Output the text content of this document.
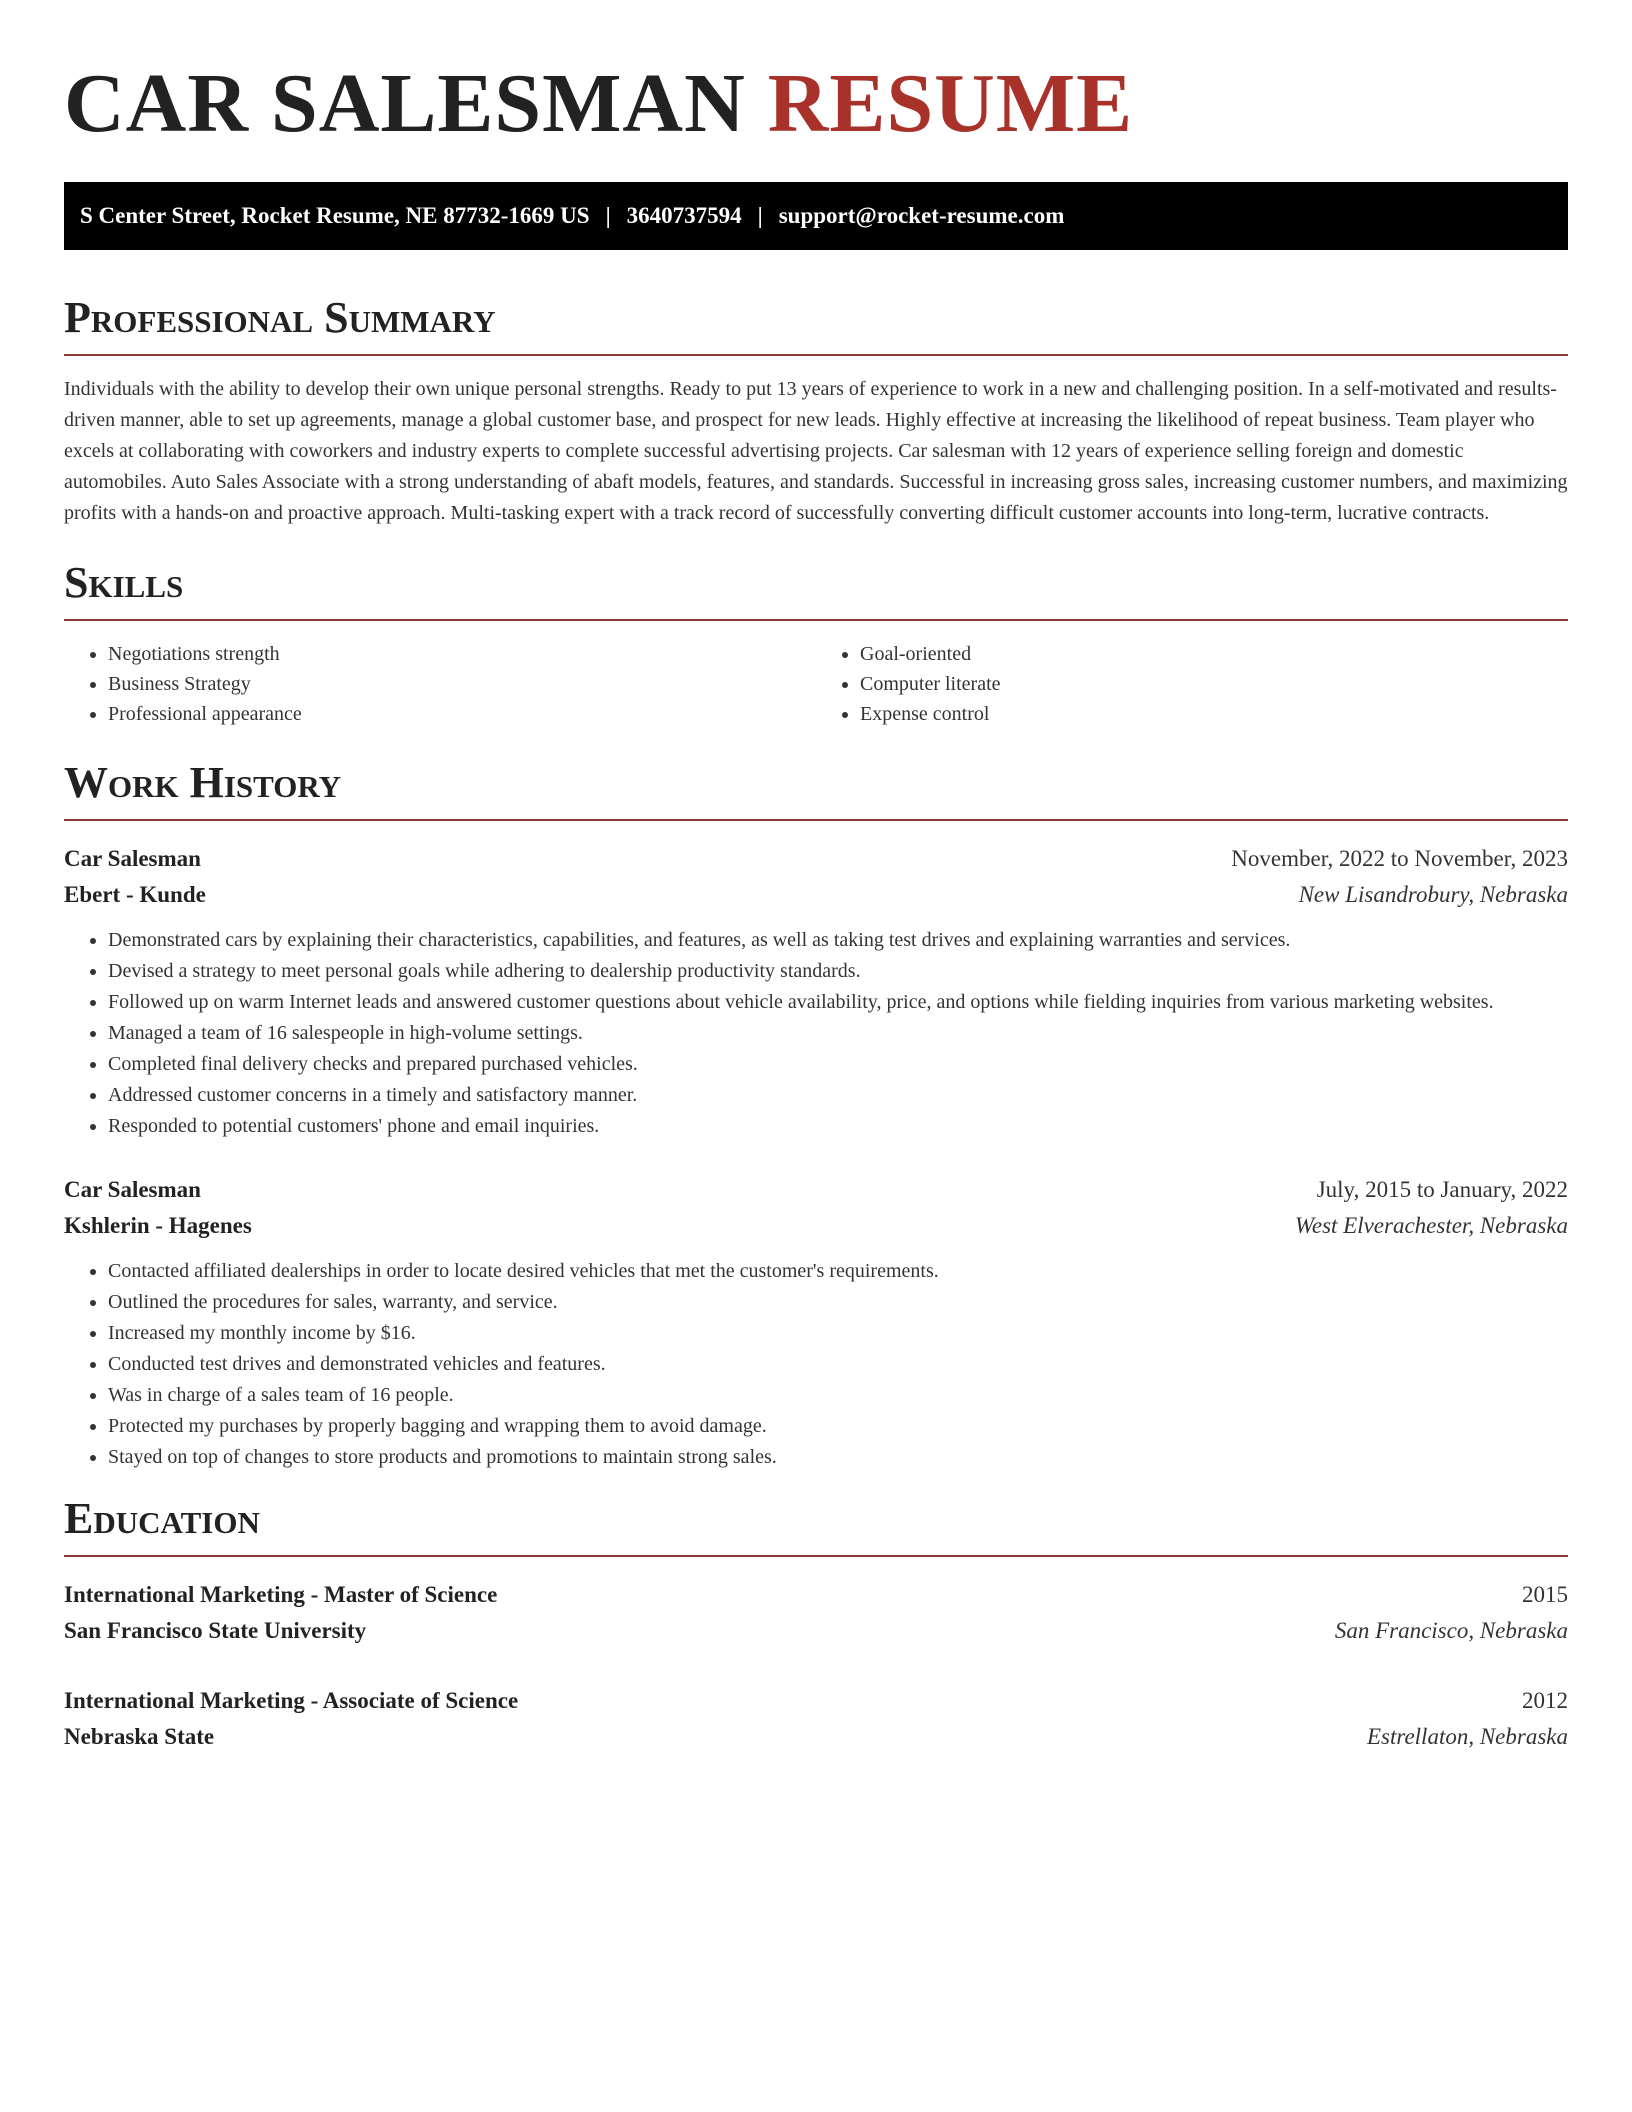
CAR SALESMAN RESUME
S Center Street, Rocket Resume, NE 87732-1669 US | 3640737594 | support@rocket-resume.com
Professional Summary

Individuals with the ability to develop their own unique personal strengths. Ready to put 13 years of experience to work in a new and challenging position. In a self-motivated and results-driven manner, able to set up agreements, manage a global customer base, and prospect for new leads. Highly effective at increasing the likelihood of repeat business. Team player who excels at collaborating with coworkers and industry experts to complete successful advertising projects. Car salesman with 12 years of experience selling foreign and domestic automobiles. Auto Sales Associate with a strong understanding of abaft models, features, and standards. Successful in increasing gross sales, increasing customer numbers, and maximizing profits with a hands-on and proactive approach. Multi-tasking expert with a track record of successfully converting difficult customer accounts into long-term, lucrative contracts.

Skills
• Negotiations strength
• Business Strategy
• Professional appearance
• Goal-oriented
• Computer literate
• Expense control
Work History
Car Salesman	November, 2022 to November, 2023
Ebert - Kunde	New Lisandrobury, Nebraska
• Demonstrated cars by explaining their characteristics, capabilities, and features, as well as taking test drives and explaining warranties and services.
• Devised a strategy to meet personal goals while adhering to dealership productivity standards.
• Followed up on warm Internet leads and answered customer questions about vehicle availability, price, and options while fielding inquiries from various marketing websites.
• Managed a team of 16 salespeople in high-volume settings.
• Completed final delivery checks and prepared purchased vehicles.
• Addressed customer concerns in a timely and satisfactory manner.
• Responded to potential customers' phone and email inquiries.
Car Salesman	July, 2015 to January, 2022
Kshlerin - Hagenes	West Elverachester, Nebraska
• Contacted affiliated dealerships in order to locate desired vehicles that met the customer's requirements.
• Outlined the procedures for sales, warranty, and service.
• Increased my monthly income by $16.
• Conducted test drives and demonstrated vehicles and features.
• Was in charge of a sales team of 16 people.
• Protected my purchases by properly bagging and wrapping them to avoid damage.
• Stayed on top of changes to store products and promotions to maintain strong sales.
Education
International Marketing - Master of Science	2015
San Francisco State University	San Francisco, Nebraska
International Marketing - Associate of Science	2012
Nebraska State	Estrellaton, Nebraska
